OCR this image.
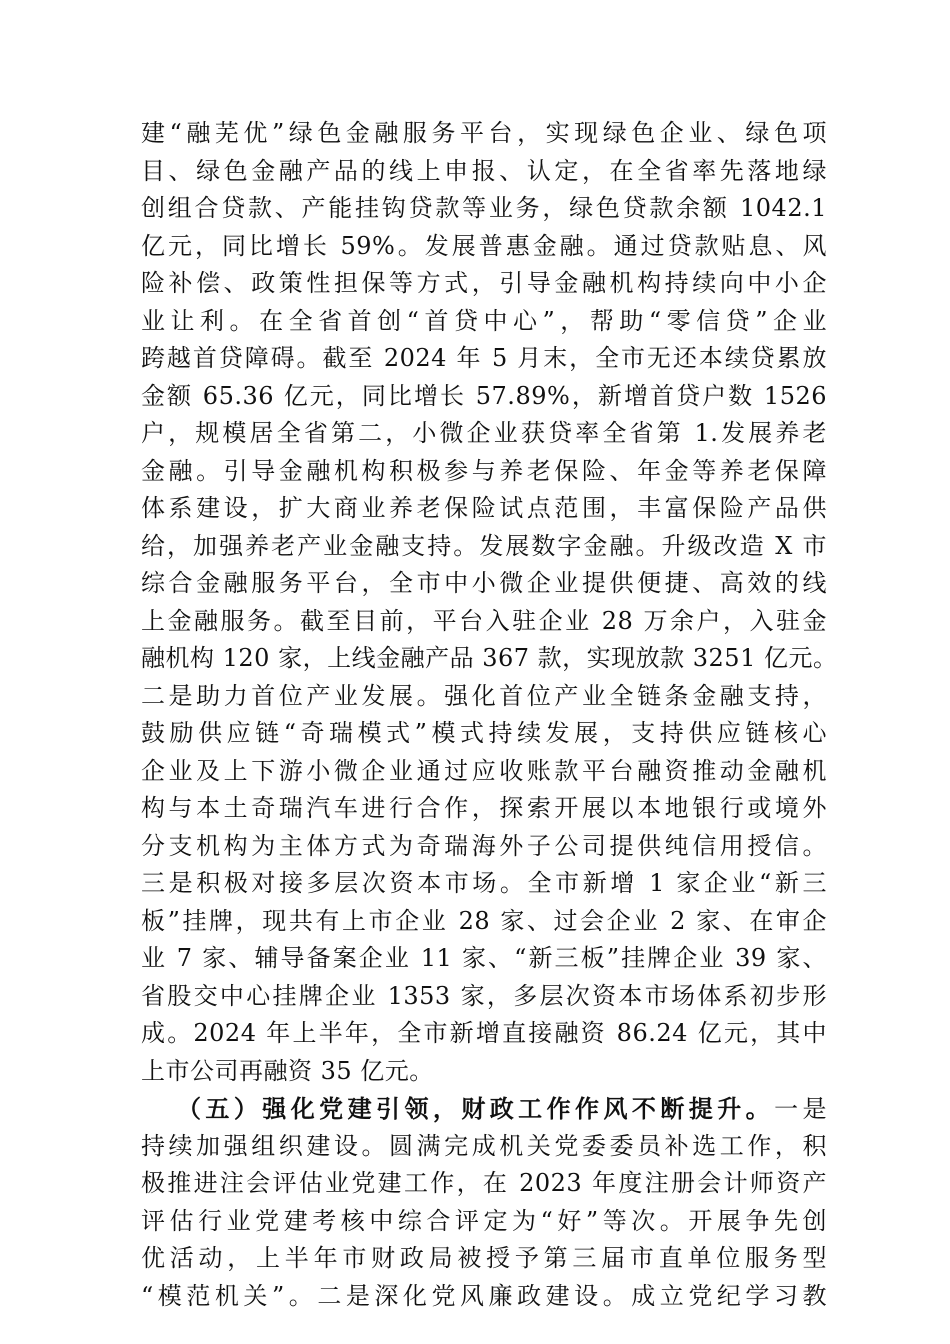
建“融芜优”绿色金融服务平台，实现绿色企业、绿色项
目、绿色金融产品的线上申报、认定，在全省率先落地绿
创组合贷款、产能挂钩贷款等业务，绿色贷款余额 1042.1
亿元，同比增长 59%。发展普惠金融。通过贷款贴息、风
险补偿、政策性担保等方式，引导金融机构持续向中小企
业让利。在全省首创“首贷中心”，帮助“零信贷”企业
跨越首贷障碍。截至 2024 年 5 月末，全市无还本续贷累放
金额 65.36 亿元，同比增长 57.89%，新增首贷户数 1526
户，规模居全省第二，小微企业获贷率全省第 1.发展养老
金融。引导金融机构积极参与养老保险、年金等养老保障
体系建设，扩大商业养老保险试点范围，丰富保险产品供
给，加强养老产业金融支持。发展数字金融。升级改造 X 市
综合金融服务平台，全市中小微企业提供便捷、高效的线
上金融服务。截至目前，平台入驻企业 28 万余户，入驻金
融机构 120 家，上线金融产品 367 款，实现放款 3251 亿元。
二是助力首位产业发展。强化首位产业全链条金融支持，
鼓励供应链“奇瑞模式”模式持续发展，支持供应链核心
企业及上下游小微企业通过应收账款平台融资推动金融机
构与本土奇瑞汽车进行合作，探索开展以本地银行或境外
分支机构为主体方式为奇瑞海外子公司提供纯信用授信。
三是积极对接多层次资本市场。全市新增 1 家企业“新三
板”挂牌，现共有上市企业 28 家、过会企业 2 家、在审企
业 7 家、辅导备案企业 11 家、“新三板”挂牌企业 39 家、
省股交中心挂牌企业 1353 家，多层次资本市场体系初步形
成。2024 年上半年，全市新增直接融资 86.24 亿元，其中
上市公司再融资 35 亿元。
（五）强化党建引领，财政工作作风不断提升。一是
持续加强组织建设。圆满完成机关党委委员补选工作，积
极推进注会评估业党建工作，在 2023 年度注册会计师资产
评估行业党建考核中综合评定为“好”等次。开展争先创
优活动，上半年市财政局被授予第三届市直单位服务型
“模范机关”。二是深化党风廉政建设。成立党纪学习教
